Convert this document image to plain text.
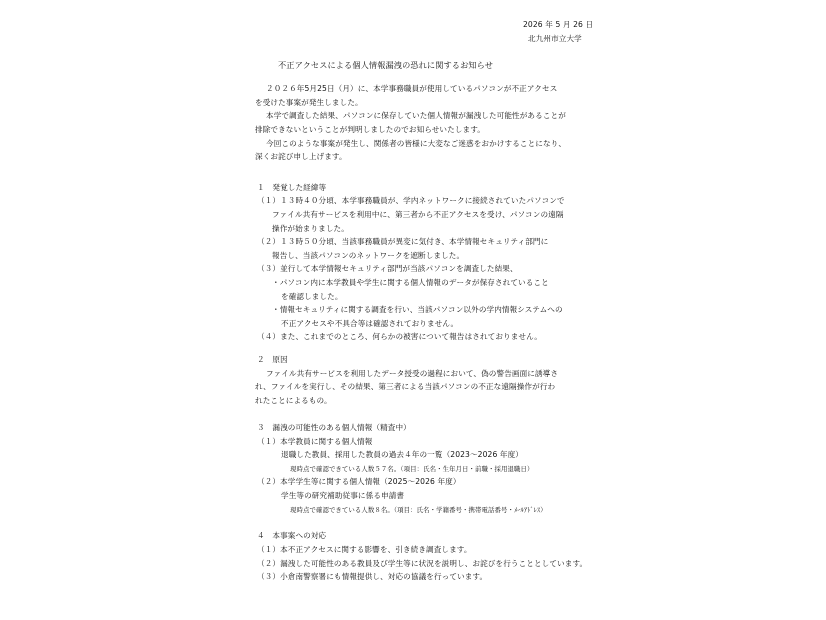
2026 年 5 月 26 日
北九州市立大学
不正アクセスによる個人情報漏洩の恐れに関するお知らせ
２０２６年5月25日（月）に、本学事務職員が使用しているパソコンが不正アクセス
を受けた事案が発生しました。
本学で調査した結果、パソコンに保存していた個人情報が漏洩した可能性があることが
排除できないということが判明しましたのでお知らせいたします。
今回このような事案が発生し、関係者の皆様に大変なご迷惑をおかけすることになり、
深くお詫び申し上げます。
１　発覚した経緯等
（１）１３時４０分頃、本学事務職員が、学内ネットワークに接続されていたパソコンで
ファイル共有サービスを利用中に、第三者から不正アクセスを受け、パソコンの遠隔
操作が始まりました。
（２）１３時５０分頃、当該事務職員が異変に気付き、本学情報セキュリティ部門に
報告し、当該パソコンのネットワークを遮断しました。
（３）並行して本学情報セキュリティ部門が当該パソコンを調査した結果、
・パソコン内に本学教員や学生に関する個人情報のデータが保存されていること
を確認しました。
・情報セキュリティに関する調査を行い、当該パソコン以外の学内情報システムへの
不正アクセスや不具合等は確認されておりません。
（４）また、これまでのところ、何らかの被害について報告はされておりません。
２　原因
ファイル共有サービスを利用したデータ授受の過程において、偽の警告画面に誘導さ
れ、ファイルを実行し、その結果、第三者による当該パソコンの不正な遠隔操作が行わ
れたことによるもの。
３　漏洩の可能性のある個人情報（精査中）
（１）本学教員に関する個人情報
退職した教員、採用した教員の過去４年の一覧（2023～2026 年度）
現時点で確認できている人数５７名。（項目：氏名・生年月日・前職・採用退職日）
（２）本学学生等に関する個人情報（2025～2026 年度）
学生等の研究補助従事に係る申請書
現時点で確認できている人数８名。（項目：氏名・学籍番号・携帯電話番号・ﾒｰﾙｱﾄﾞﾚｽ）
４　本事案への対応
（１）本不正アクセスに関する影響を、引き続き調査します。
（２）漏洩した可能性のある教員及び学生等に状況を説明し、お詫びを行うこととしています。
（３）小倉南警察署にも情報提供し、対応の協議を行っています。
